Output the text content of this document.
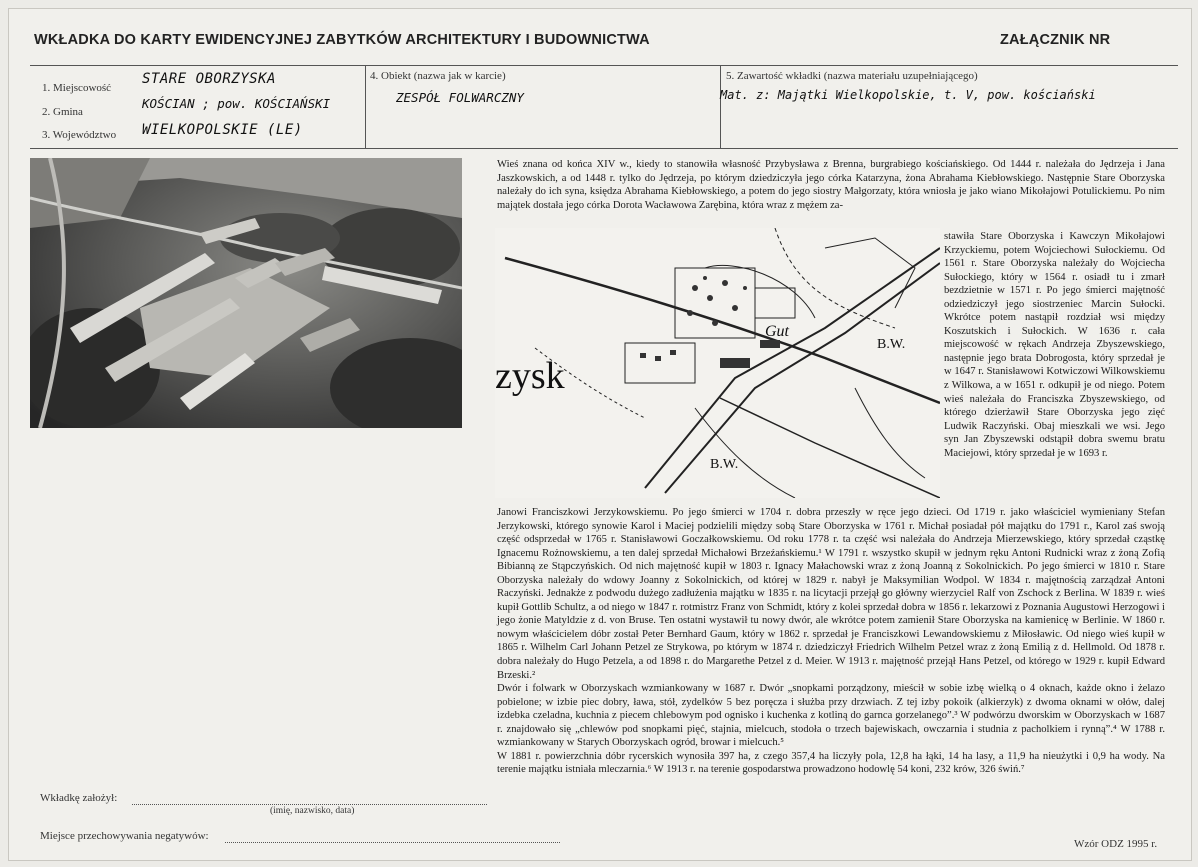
WKŁADKA DO KARTY EWIDENCYJNEJ ZABYTKÓW ARCHITEKTURY I BUDOWNICTWA	ZAŁĄCZNIK NR
1. Miejscowość
STARE OBORZYSKA
2. Gmina
KOŚCIAN ; pow. KOŚCIAŃSKI
3. Województwo WIELKOPOLSKIE (LE)
4. Obiekt (nazwa jak w karcie)
ZESPÓŁ FOLWARCZNY
5. Zawartość wkładki (nazwa materiału uzupełniającego)
Mat. z: Majątki Wielkopolskie, t. V, pow. kościański
zysk
Gut
B.W.
B.W.

Wieś znana od końca XIV w., kiedy to stanowiła własność Przybysława z Brenna, burgrabiego kościańskiego. Od 1444 r. należała do Jędrzeja i Jana Jaszkowskich, a od 1448 r. tylko do Jędrzeja, po którym dziedziczyła jego córka Katarzyna, żona Abrahama Kiebłowskiego. Następnie Stare Oborzyska należały do ich syna, księdza Abrahama Kiebłowskiego, a potem do jego siostry Małgorzaty, która wniosła je jako wiano Mikołajowi Potulickiemu. Po nim majątek dostała jego córka Dorota Wacławowa Zarębina, która wraz z mężem za-

stawiła Stare Oborzyska i Kawczyn Mikołajowi Krzyckiemu, potem Wojciechowi Sułockiemu. Od 1561 r. Stare Oborzyska należały do Wojciecha Sułockiego, który w 1564 r. osiadł tu i zmarł bezdzietnie w 1571 r. Po jego śmierci majętność odziedziczył jego siostrzeniec Marcin Sułocki. Wkrótce potem nastąpił rozdział wsi między Koszutskich i Sułockich. W 1636 r. cała miejscowość w rękach Andrzeja Zbyszewskiego, następnie jego brata Dobrogosta, który sprzedał je w 1647 r. Stanisławowi Kotwiczowi Wilkowskiemu z Wilkowa, a w 1651 r. odkupił je od niego. Potem wieś należała do Franciszka Zbyszewskiego, od którego dzierżawił Stare Oborzyska jego zięć Ludwik Raczyński. Obaj mieszkali we wsi. Jego syn Jan Zbyszewski odstąpił dobra swemu bratu Maciejowi, który sprzedał je w 1693 r.

Janowi Franciszkowi Jerzykowskiemu. Po jego śmierci w 1704 r. dobra przeszły w ręce jego dzieci. Od 1719 r. jako właściciel wymieniany Stefan Jerzykowski, którego synowie Karol i Maciej podzielili między sobą Stare Oborzyska w 1761 r. Michał posiadał pół majątku do 1791 r., Karol zaś swoją część odsprzedał w 1765 r. Stanisławowi Goczałkowskiemu. Od roku 1778 r. ta część wsi należała do Andrzeja Mierzewskiego, który sprzedał cząstkę Ignacemu Rożnowskiemu, a ten dalej sprzedał Michałowi Brzeźańskiemu.¹ W 1791 r. wszystko skupił w jednym ręku Antoni Rudnicki wraz z żoną Zofią Bibianną ze Stąpczyńskich. Od nich majętność kupił w 1803 r. Ignacy Małachowski wraz z żoną Joanną z Sokolnickich. Po jego śmierci w 1810 r. Stare Oborzyska należały do wdowy Joanny z Sokolnickich, od której w 1829 r. nabył je Maksymilian Wodpol. W 1834 r. majętnością zarządzał Antoni Raczyński. Jednakże z podwodu dużego zadłużenia majątku w 1835 r. na licytacji przejął go główny wierzyciel Ralf von Zschock z Berlina. W 1839 r. wieś kupił Gottlib Schultz, a od niego w 1847 r. rotmistrz Franz von Schmidt, który z kolei sprzedał dobra w 1856 r. lekarzowi z Poznania Augustowi Herzogowi i jego żonie Matyldzie z d. von Bruse. Ten ostatni wystawił tu nowy dwór, ale wkrótce potem zamienił Stare Oborzyska na kamienicę w Berlinie. W 1860 r. nowym właścicielem dóbr został Peter Bernhard Gaum, który w 1862 r. sprzedał je Franciszkowi Lewandowskiemu z Miłosławic. Od niego wieś kupił w 1865 r. Wilhelm Carl Johann Petzel ze Strykowa, po którym w 1874 r. dziedziczył Friedrich Wilhelm Petzel wraz z żoną Emilią z d. Hellmold. Od 1878 r. dobra należały do Hugo Petzela, a od 1898 r. do Margarethe Petzel z d. Meier. W 1913 r. majętność przejął Hans Petzel, od którego w 1929 r. kupił Edward Brzeski.²

Dwór i folwark w Oborzyskach wzmiankowany w 1687 r. Dwór „snopkami porządzony, mieścił w sobie izbę wielką o 4 oknach, każde okno i żelazo pobielone; w izbie piec dobry, ława, stół, zydelków 5 bez poręcza i służba przy drzwiach. Z tej izby pokoik (alkierzyk) z dwoma oknami w ołów, dalej izdebka czeladna, kuchnia z piecem chlebowym pod ognisko i kuchenka z kotliną do garnca gorzelanego”.³ W podwórzu dworskim w Oborzyskach w 1687 r. znajdowało się „chlewów pod snopkami pięć, stajnia, mielcuch, stodoła o trzech bajewiskach, owczarnia i studnia z pacholkiem i rynną”.⁴ W 1788 r. wzmiankowany w Starych Oborzyskach ogród, browar i mielcuch.⁵

W 1881 r. powierzchnia dóbr rycerskich wynosiła 397 ha, z czego 357,4 ha liczyły pola, 12,8 ha łąki, 14 ha lasy, a 11,9 ha nieużytki i 0,9 ha wody. Na terenie majątku istniała mleczarnia.⁶ W 1913 r. na terenie gospodarstwa prowadzono hodowlę 54 koni, 232 krów, 326 świń.⁷

Wkładkę założył:
(imię, nazwisko, data)
Miejsce przechowywania negatywów:
Wzór ODZ 1995 r.
